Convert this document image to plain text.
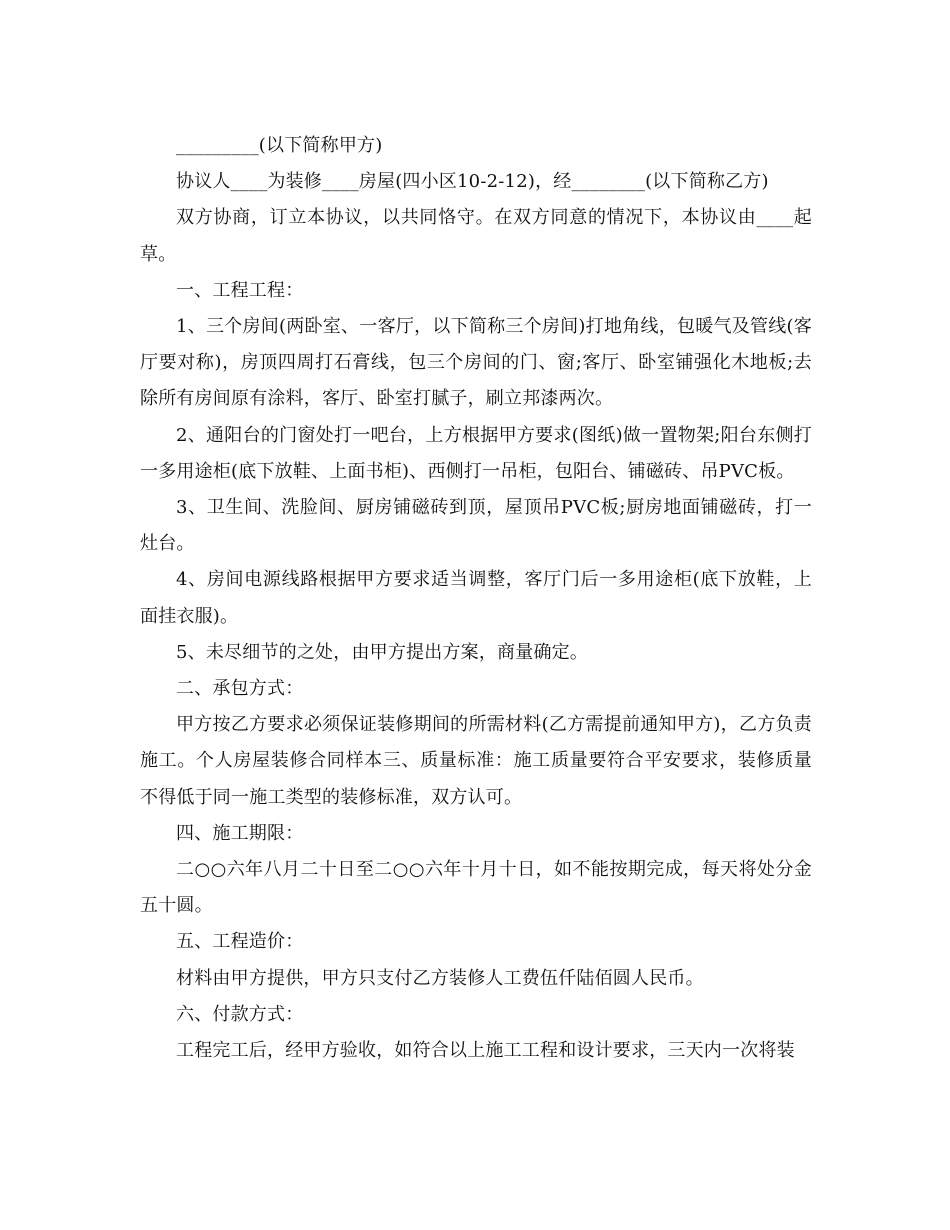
_________(以下简称甲方)

协议人____为装修____房屋(四小区10-2-12)，经________(以下简称乙方)

双方协商，订立本协议，以共同恪守。在双方同意的情况下，本协议由____起草。

一、工程工程：

1、三个房间(两卧室、一客厅，以下简称三个房间)打地角线，包暖气及管线(客厅要对称)，房顶四周打石膏线，包三个房间的门、窗;客厅、卧室铺强化木地板;去除所有房间原有涂料，客厅、卧室打腻子，刷立邦漆两次。

2、通阳台的门窗处打一吧台，上方根据甲方要求(图纸)做一置物架;阳台东侧打一多用途柜(底下放鞋、上面书柜)、西侧打一吊柜，包阳台、铺磁砖、吊PVC板。

3、卫生间、洗脸间、厨房铺磁砖到顶，屋顶吊PVC板;厨房地面铺磁砖，打一灶台。

4、房间电源线路根据甲方要求适当调整，客厅门后一多用途柜(底下放鞋，上面挂衣服)。

5、未尽细节的之处，由甲方提出方案，商量确定。

二、承包方式：

甲方按乙方要求必须保证装修期间的所需材料(乙方需提前通知甲方)，乙方负责施工。个人房屋装修合同样本三、质量标准：施工质量要符合平安要求，装修质量不得低于同一施工类型的装修标准，双方认可。

四、施工期限：

二○○六年八月二十日至二○○六年十月十日，如不能按期完成，每天将处分金五十圆。

五、工程造价：

材料由甲方提供，甲方只支付乙方装修人工费伍仟陆佰圆人民币。

六、付款方式：

工程完工后，经甲方验收，如符合以上施工工程和设计要求，三天内一次将装
